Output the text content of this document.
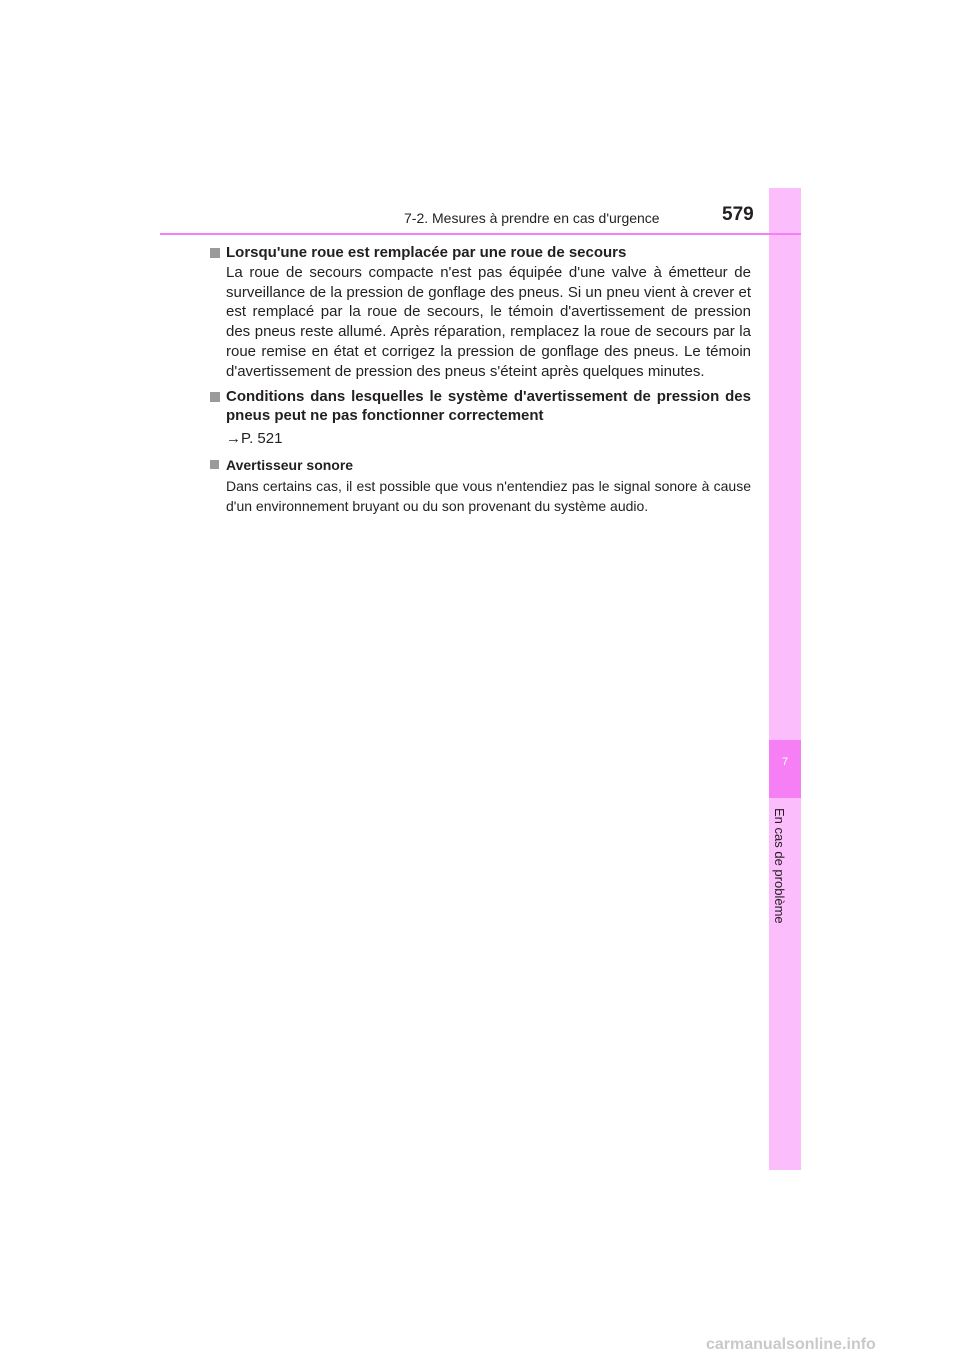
7
En cas de problème
7-2. Mesures à prendre en cas d'urgence	579

Lorsqu'une roue est remplacée par une roue de secours

La roue de secours compacte n'est pas équipée d'une valve à émetteur de surveillance de la pression de gonflage des pneus. Si un pneu vient à crever et est remplacé par la roue de secours, le témoin d'avertissement de pression des pneus reste allumé. Après réparation, remplacez la roue de secours par la roue remise en état et corrigez la pression de gonflage des pneus. Le témoin d'avertissement de pression des pneus s'éteint après quelques minutes.

Conditions dans lesquelles le système d'avertissement de pression des pneus peut ne pas fonctionner correctement

→P. 521

Avertisseur sonore

Dans certains cas, il est possible que vous n'entendiez pas le signal sonore à cause d'un environnement bruyant ou du son provenant du système audio.

carmanualsonline.info
